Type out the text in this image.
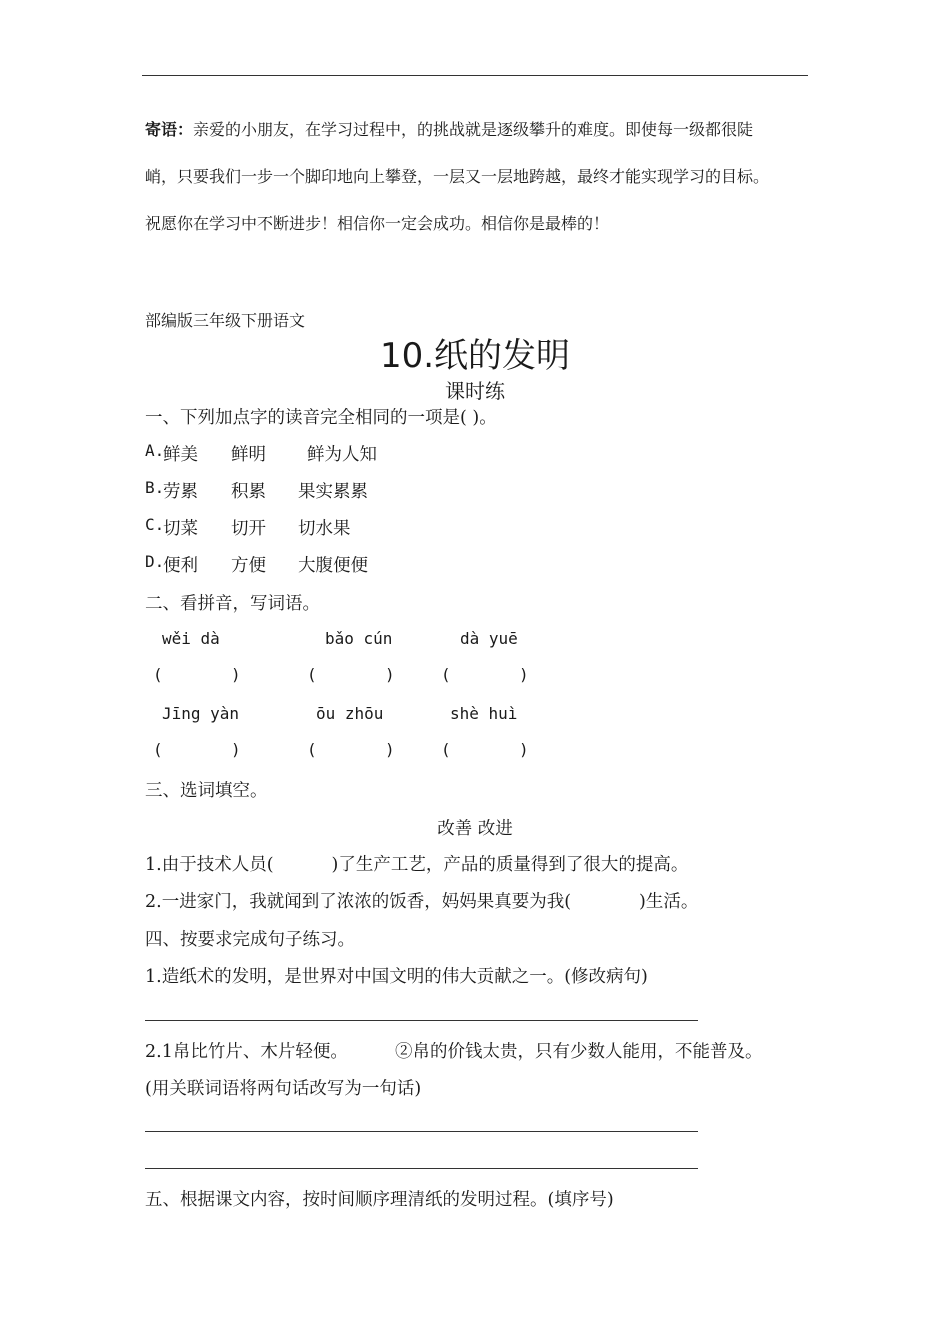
寄语：亲爱的小朋友，在学习过程中，的挑战就是逐级攀升的难度。即使每一级都很陡
峭，只要我们一步一个脚印地向上攀登，一层又一层地跨越，最终才能实现学习的目标。
祝愿你在学习中不断进步！相信你一定会成功。相信你是最棒的！
部编版三年级下册语文
10.纸的发明
课时练
一、下列加点字的读音完全相同的一项是( )。
A.
鲜美 鲜明 鲜为人知
B.
劳累 积累 果实累累
C.
切菜 切开 切水果
D.
便利 方便 大腹便便
二、看拼音，写词语。
wěi dà	bǎo cún	dà yuē
(	)	(	)	(	)
Jīng yàn	ōu zhōu	shè huì
(	)	(	)	(	)
三、选词填空。
改善 改进
1.由于技术人员(	)了生产工艺，产品的质量得到了很大的提高。
2.一进家门，我就闻到了浓浓的饭香，妈妈果真要为我(	)生活。
四、按要求完成句子练习。
1.造纸术的发明，是世界对中国文明的伟大贡献之一。(修改病句)
2.1帛比竹片、木片轻便。	②帛的价钱太贵，只有少数人能用，不能普及。
(用关联词语将两句话改写为一句话)
五、根据课文内容，按时间顺序理清纸的发明过程。(填序号)
